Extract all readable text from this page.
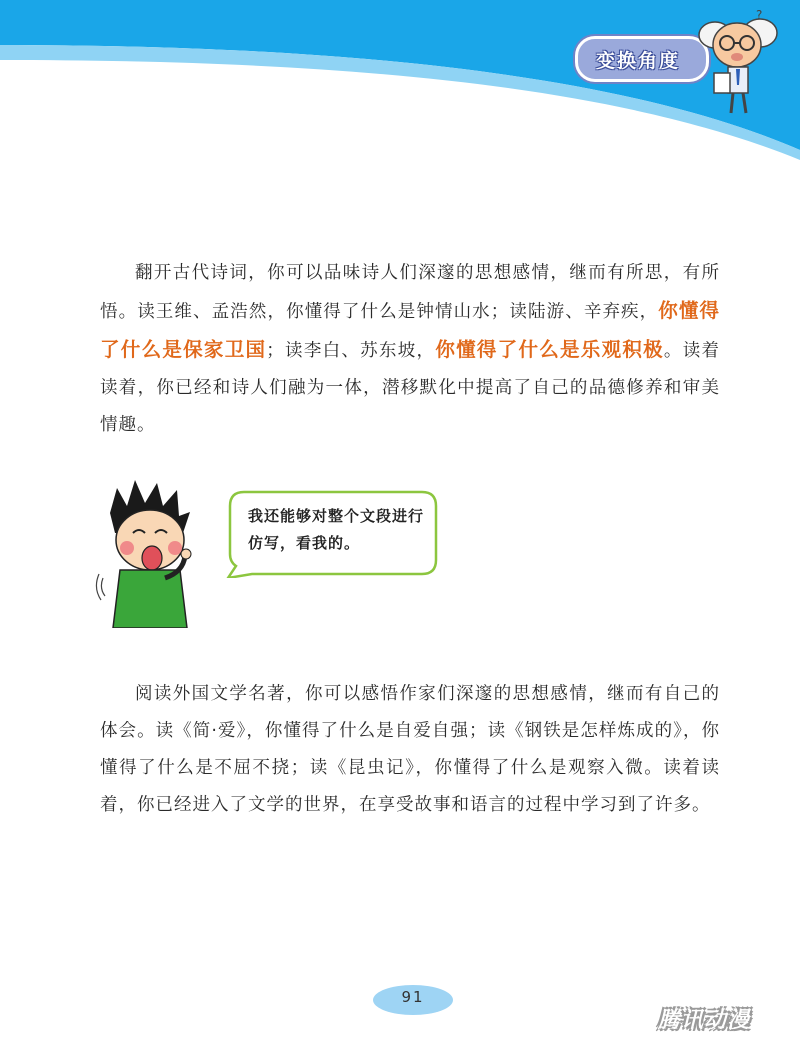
变换角度
?

翻开古代诗词，你可以品味诗人们深邃的思想感情，继而有所思，有所悟。读王维、孟浩然，你懂得了什么是钟情山水；读陆游、辛弃疾，你懂得了什么是保家卫国；读李白、苏东坡，你懂得了什么是乐观积极。读着读着，你已经和诗人们融为一体，潜移默化中提高了自己的品德修养和审美情趣。

我还能够对整个文段进行仿写，看我的。

阅读外国文学名著，你可以感悟作家们深邃的思想感情，继而有自己的体会。读《简·爱》，你懂得了什么是自爱自强；读《钢铁是怎样炼成的》，你懂得了什么是不屈不挠；读《昆虫记》，你懂得了什么是观察入微。读着读着，你已经进入了文学的世界，在享受故事和语言的过程中学习到了许多。

91
腾讯动漫
